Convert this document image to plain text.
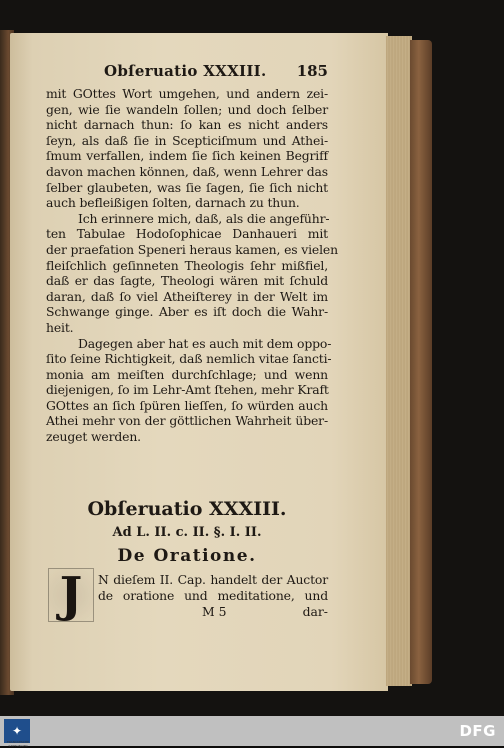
Obſeruatio XXXIII. 185
mit GOttes Wort umgehen, und andern zei-
gen, wie ſie wandeln ſollen; und doch ſelber
nicht darnach thun: ſo kan es nicht anders
ſeyn, als daß ſie in Scepticiſmum und Athei-
ſmum verfallen, indem ſie ſich keinen Begriff
davon machen können, daß, wenn Lehrer das
ſelber glaubeten, was ſie ſagen, ſie ſich nicht
auch befleißigen ſolten, darnach zu thun.
Ich erinnere mich, daß, als die angeführ-
ten Tabulae Hodoſophicae Danhaueri mit
der praefation Speneri heraus kamen, es vielen
fleiſchlich geſinneten Theologis ſehr mißfiel,
daß er das ſagte, Theologi wären mit ſchuld
daran, daß ſo viel Atheiſterey in der Welt im
Schwange ginge. Aber es iſt doch die Wahr-
heit.
Dagegen aber hat es auch mit dem oppo-
ſito ſeine Richtigkeit, daß nemlich vitae ſancti-
monia am meiſten durchſchlage; und wenn
diejenigen, ſo im Lehr-Amt ſtehen, mehr Kraft
GOttes an ſich ſpüren lieſſen, ſo würden auch
Athei mehr von der göttlichen Wahrheit über-
zeuget werden.
Obſeruatio XXXIII.
Ad L. II. c. II. §. I. II.
De Oratione.
J	N dieſem II. Cap. handelt der Auctor
de oratione und meditatione, und
M 5	dar-
✦
FRANCKESCHE STIFTUNGEN
DFG
